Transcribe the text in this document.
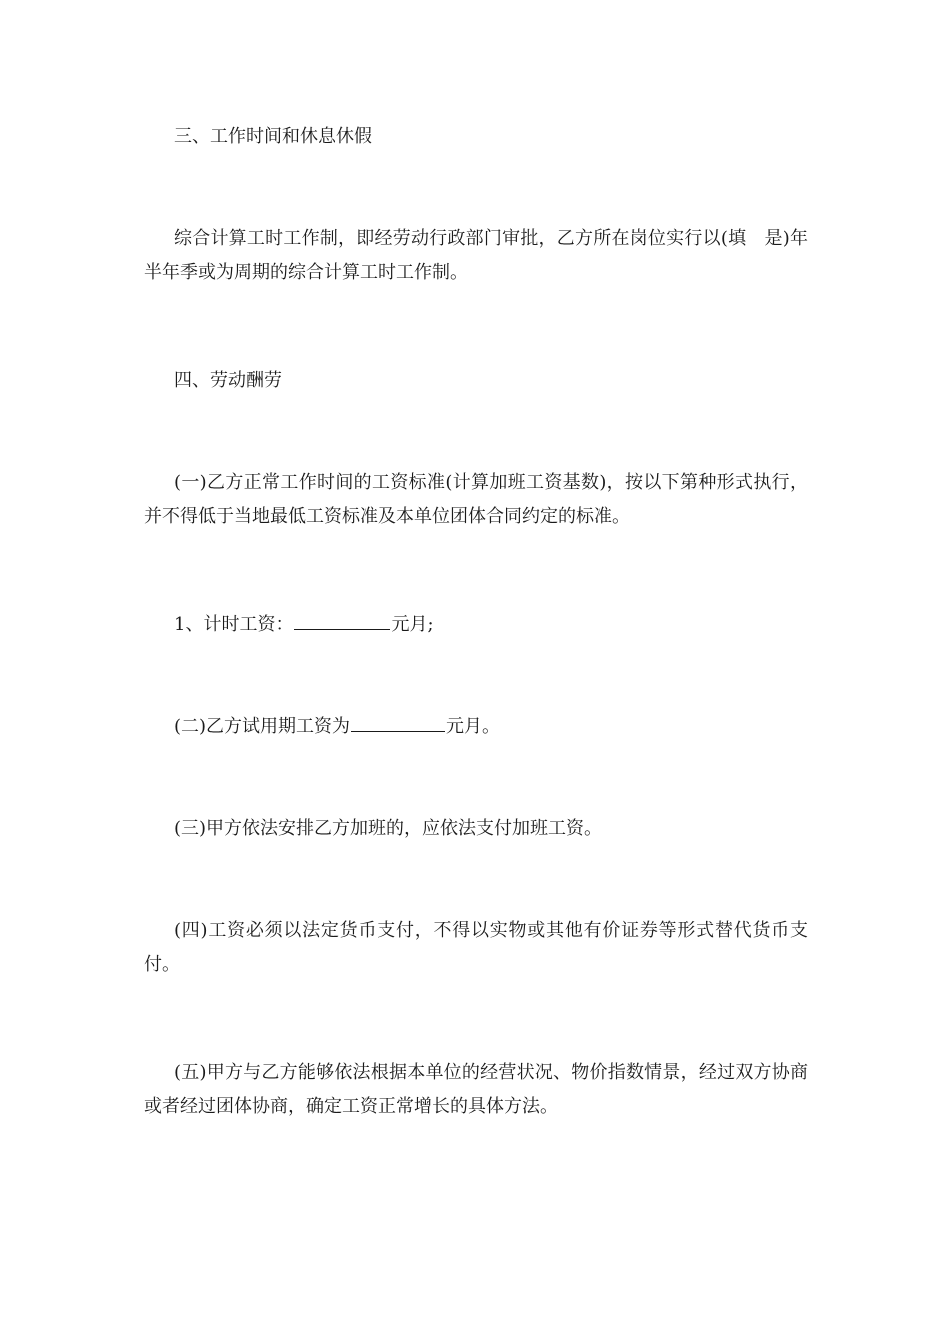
三、工作时间和休息休假

综合计算工时工作制，即经劳动行政部门审批，乙方所在岗位实行以(填　是)年半年季或为周期的综合计算工时工作制。

四、劳动酬劳

(一)乙方正常工作时间的工资标准(计算加班工资基数)，按以下第种形式执行，并不得低于当地最低工资标准及本单位团体合同约定的标准。

1、计时工资：	元月;

(二)乙方试用期工资为	元月。

(三)甲方依法安排乙方加班的，应依法支付加班工资。

(四)工资必须以法定货币支付，不得以实物或其他有价证券等形式替代货币支付。

(五)甲方与乙方能够依法根据本单位的经营状况、物价指数情景，经过双方协商或者经过团体协商，确定工资正常增长的具体方法。
